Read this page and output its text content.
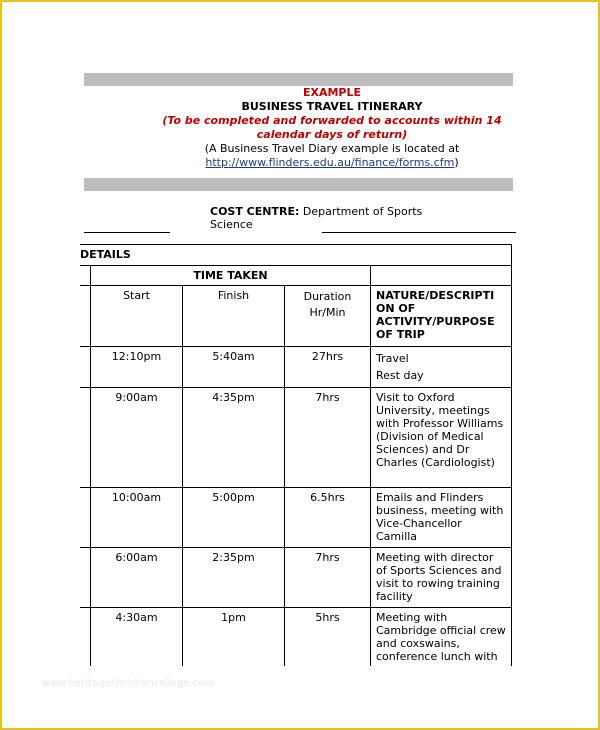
EXAMPLE
BUSINESS TRAVEL ITINERARY
(To be completed and forwarded to accounts within 14
calendar days of return)
(A Business Travel Diary example is located at
http://www.flinders.edu.au/finance/forms.cfm)
COST CENTRE: Department of Sports
Science
DETAILS				
	TIME TAKEN			
	Start	Finish	Duration
Hr/Min	NATURE/DESCRIPTI ON OF ACTIVITY/PURPOSE OF TRIP
	12:10pm	5:40am	27hrs	Travel
Rest day

	9:00am	4:35pm	7hrs	Visit to Oxford University, meetings with Professor Williams (Division of Medical Sciences) and Dr Charles (Cardiologist)
	10:00am	5:00pm	6.5hrs	Emails and Flinders business, meeting with Vice-Chancellor Camilla
	6:00am	2:35pm	7hrs	Meeting with director of Sports Sciences and visit to rowing training facility
	4:30am	1pm	5hrs	Meeting with Cambridge official crew and coxswains, conference lunch with
www.heritagechristiancollege.com
